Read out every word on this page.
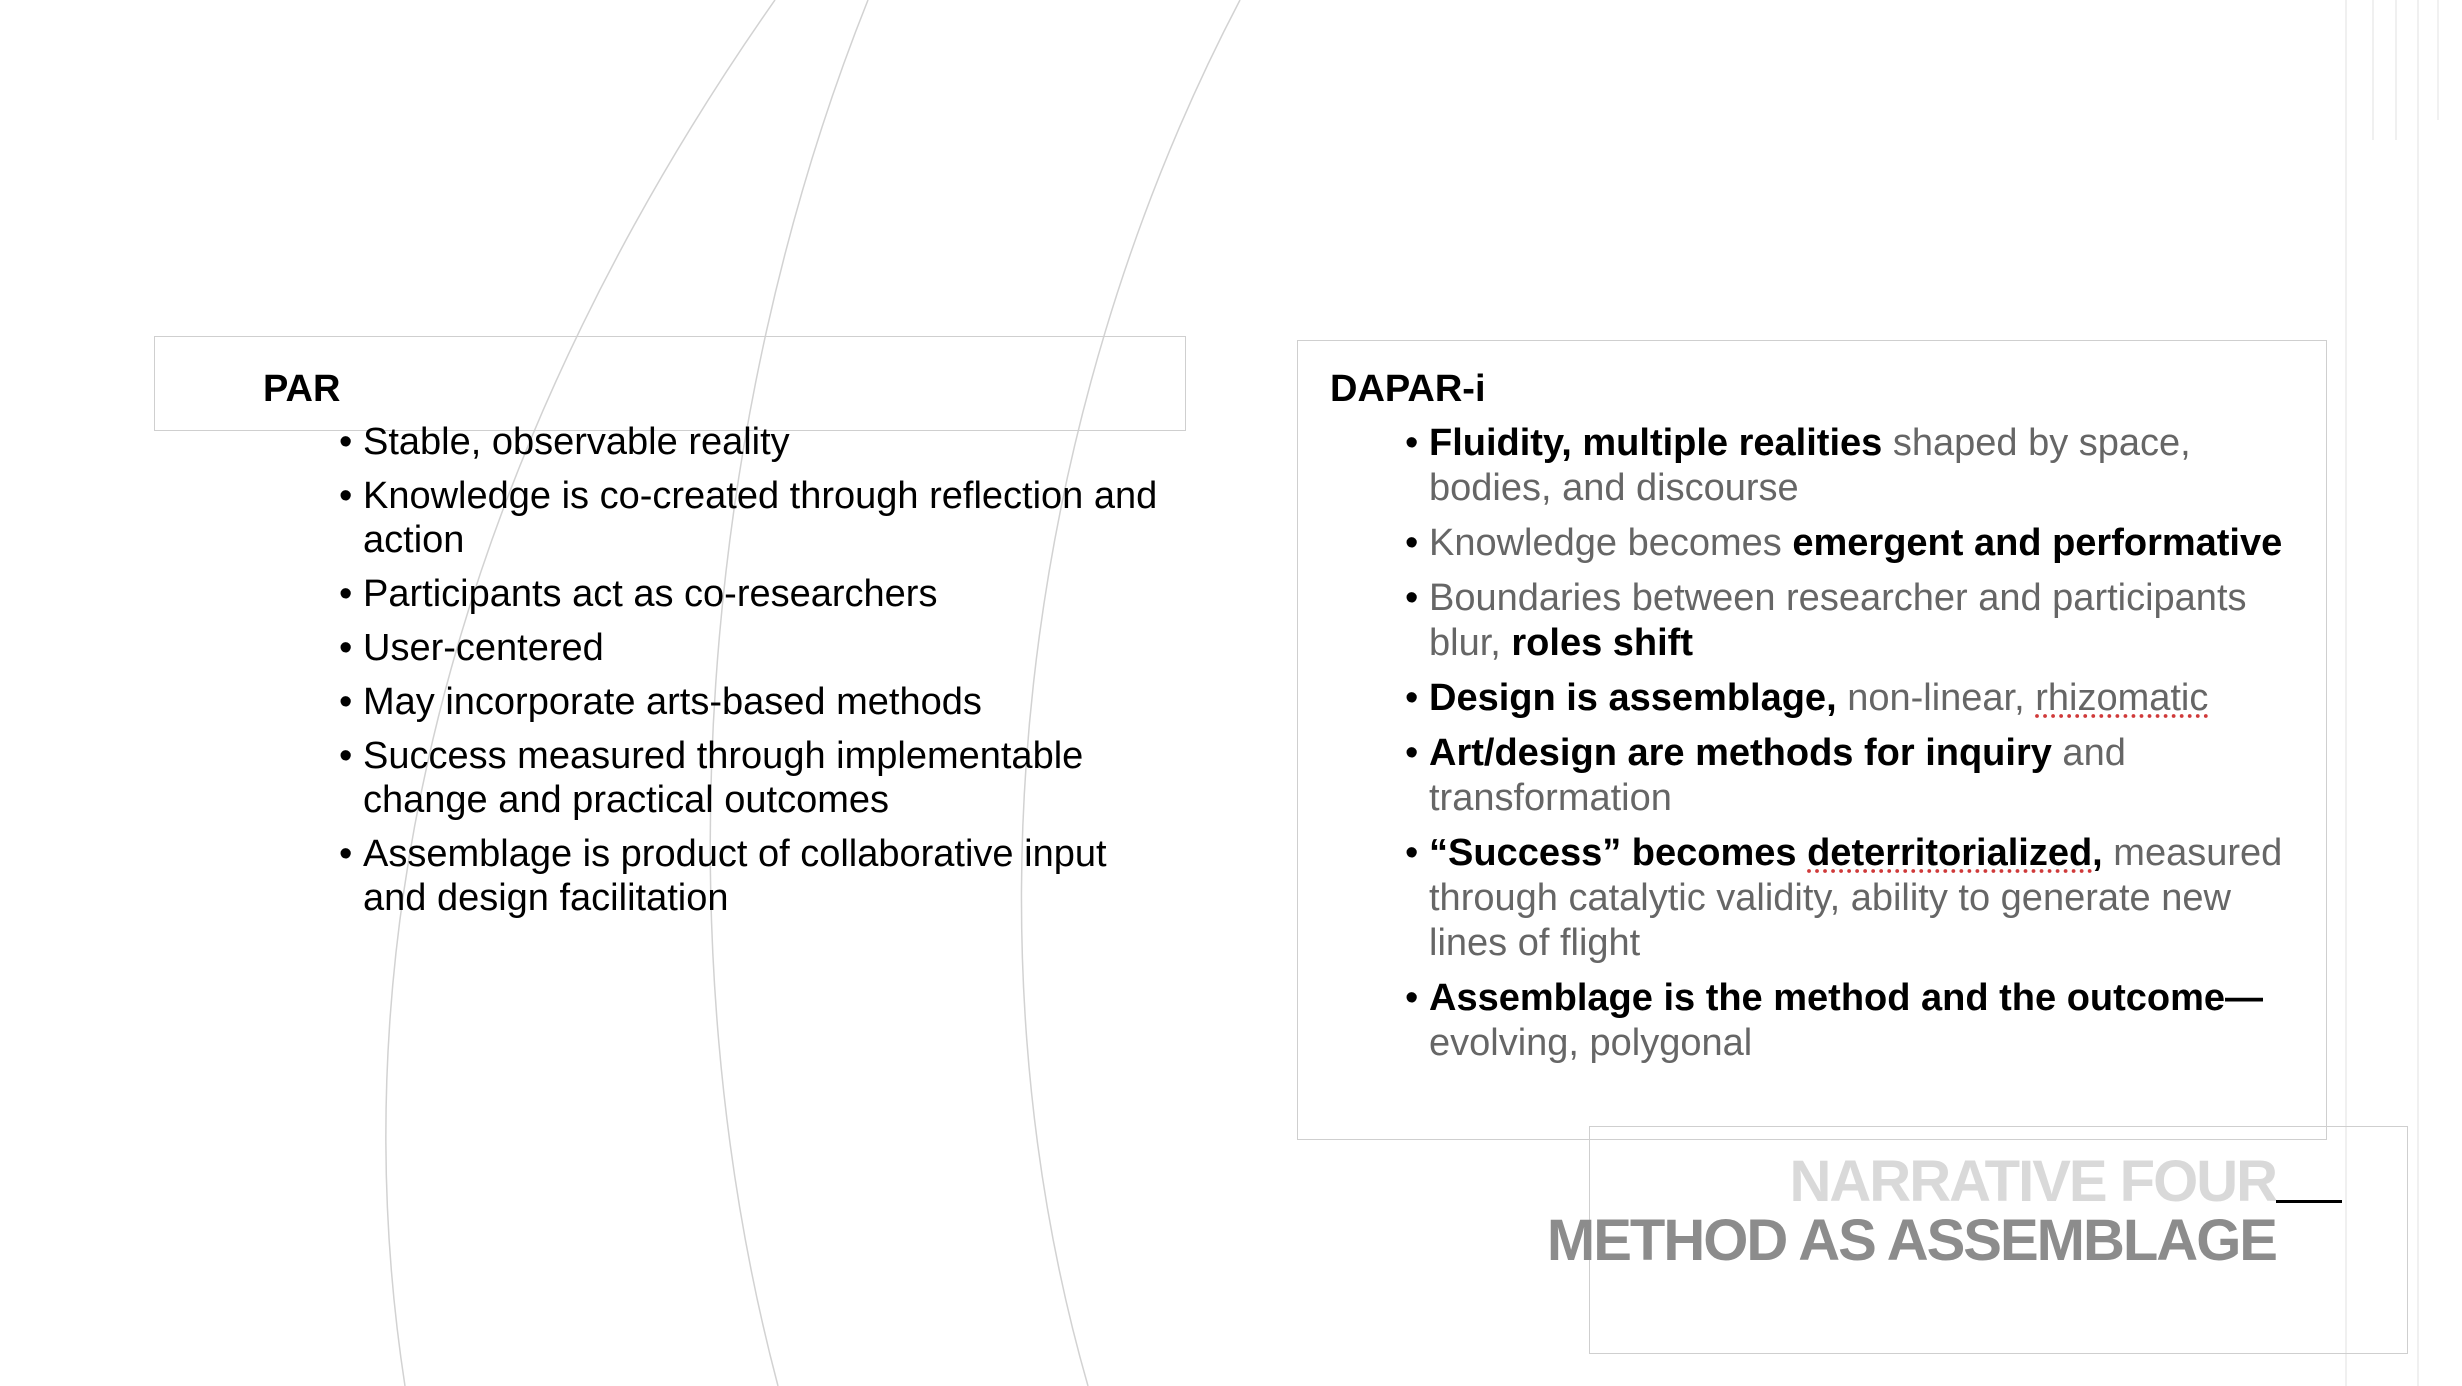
PAR
• Stable, observable reality
• Knowledge is co-created through reflection and action
• Participants act as co-researchers
• User-centered
• May incorporate arts-based methods
• Success measured through implementable change and practical outcomes
• Assemblage is product of collaborative input and design facilitation
DAPAR-i
• Fluidity, multiple realities shaped by space, bodies, and discourse
• Knowledge becomes emergent and performative
• Boundaries between researcher and participants blur, roles shift
• Design is assemblage, non-linear, rhizomatic
• Art/design are methods for inquiry and transformation
• “Success” becomes deterritorialized, measured through catalytic validity, ability to generate new lines of flight
• Assemblage is the method and the outcome— evolving, polygonal
NARRATIVE FOUR
METHOD AS ASSEMBLAGE
